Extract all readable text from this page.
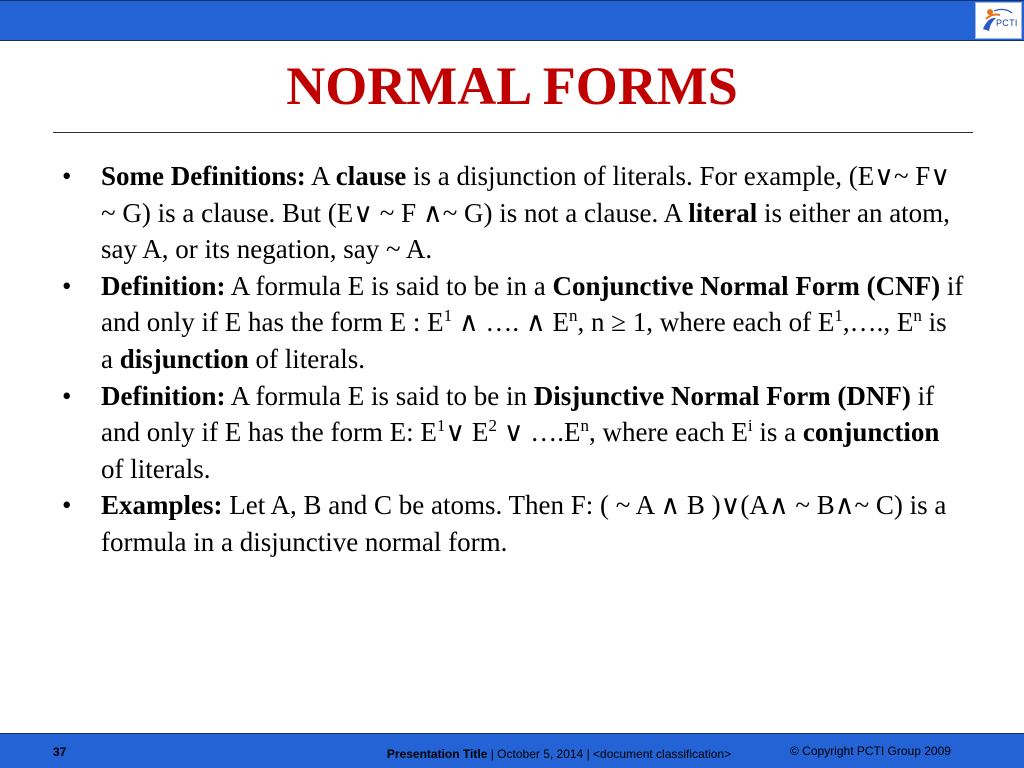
PCTI
NORMAL FORMS
• Some Definitions: A clause is a disjunction of literals. For example, (E∨~ F∨ ~ G) is a clause. But (E∨ ~ F ∧~ G) is not a clause. A literal is either an atom, say A, or its negation, say ~ A.
• Definition: A formula E is said to be in a Conjunctive Normal Form (CNF) if and only if E has the form E : $E^1$ ∧ …. ∧ $E^n$, n ≥ 1, where each of $E^1,\dots$., $E^n$ is a disjunction of literals.
• Definition: A formula E is said to be in Disjunctive Normal Form (DNF) if and only if E has the form E: $E^1\vee$ $E^2$ ∨ $\dots.E^n$, where each $E^i$ is a conjunction of literals.
• Examples: Let A, B and C be atoms. Then F: ( ~ A ∧ B )∨(A∧ ~ B∧~ C) is a formula in a disjunctive normal form.
37	Presentation Title | October 5, 2014 | <document classification>	© Copyright PCTI Group 2009
